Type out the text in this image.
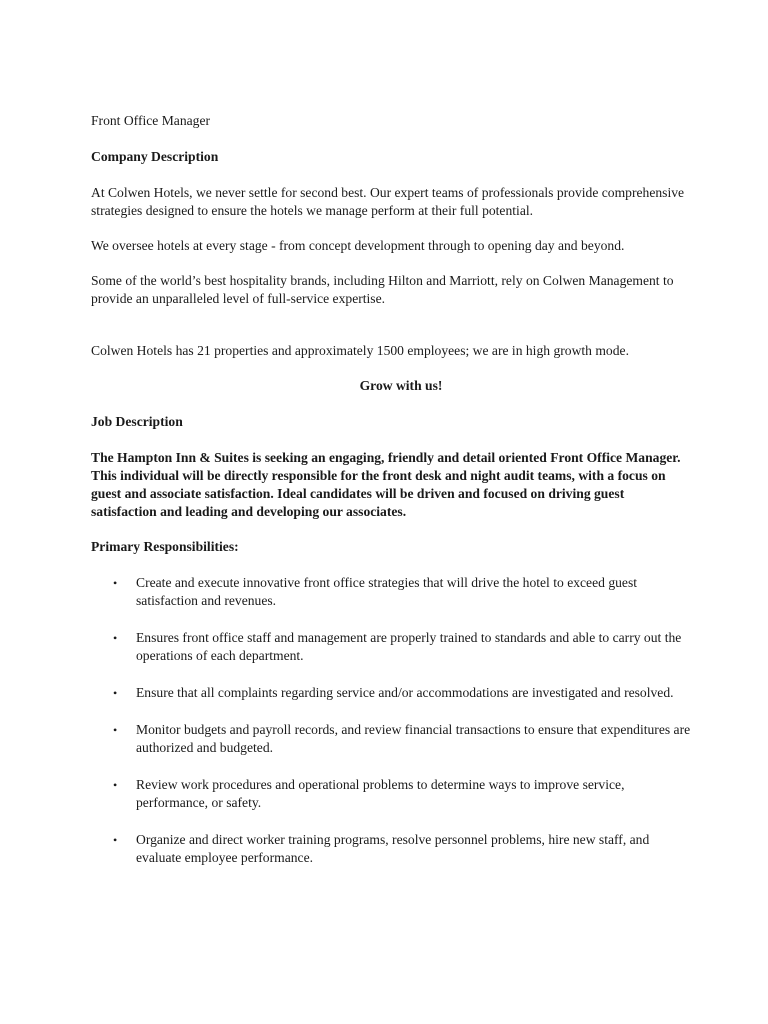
Front Office Manager
Company Description

At Colwen Hotels, we never settle for second best. Our expert teams of professionals provide comprehensive strategies designed to ensure the hotels we manage perform at their full potential.

We oversee hotels at every stage - from concept development through to opening day and beyond.

Some of the world’s best hospitality brands, including Hilton and Marriott, rely on Colwen Management to provide an unparalleled level of full-service expertise.

Colwen Hotels has 21 properties and approximately 1500 employees; we are in high growth mode.

Grow with us!
Job Description

The Hampton Inn & Suites is seeking an engaging, friendly and detail oriented Front Office Manager. This individual will be directly responsible for the front desk and night audit teams, with a focus on guest and associate satisfaction. Ideal candidates will be driven and focused on driving guest satisfaction and leading and developing our associates.

Primary Responsibilities:
• Create and execute innovative front office strategies that will drive the hotel to exceed guest satisfaction and revenues.
• Ensures front office staff and management are properly trained to standards and able to carry out the operations of each department.
• Ensure that all complaints regarding service and/or accommodations are investigated and resolved.
• Monitor budgets and payroll records, and review financial transactions to ensure that expenditures are authorized and budgeted.
• Review work procedures and operational problems to determine ways to improve service, performance, or safety.
• Organize and direct worker training programs, resolve personnel problems, hire new staff, and evaluate employee performance.
